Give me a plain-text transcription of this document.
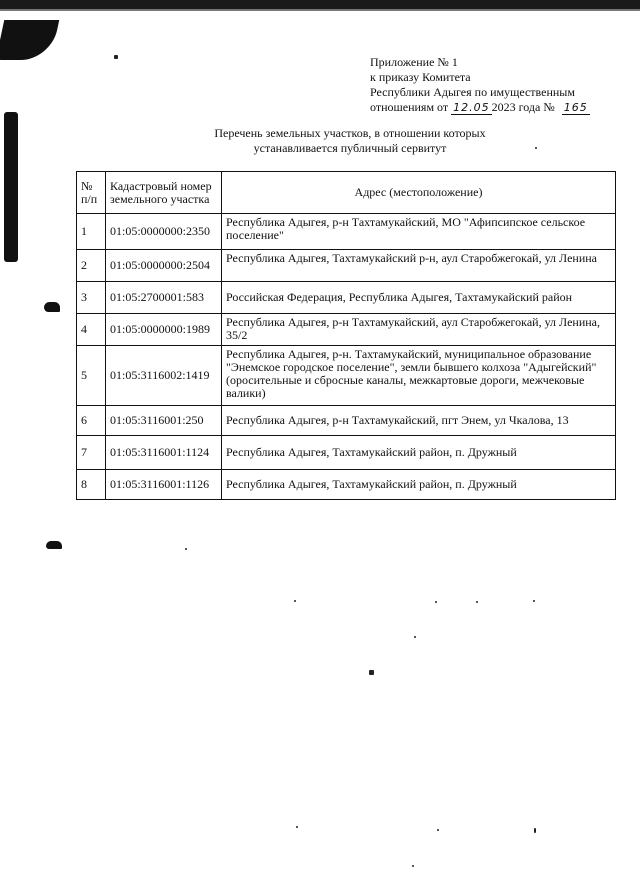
Приложение № 1
к приказу Комитета
Республики Адыгея по имущественным
отношениям от 12.05 2023 года № 165
Перечень земельных участков, в отношении которых
устанавливается публичный сервитут
№ п/п	Кадастровый номер земельного участка	Адрес (местоположение)
1	01:05:0000000:2350	Республика Адыгея, р-н Тахтамукайский, МО "Афипсипское сельское поселение"
2	01:05:0000000:2504	Республика Адыгея, Тахтамукайский р-н, аул Старобжегокай, ул Ленина
3	01:05:2700001:583	Российская Федерация, Республика Адыгея, Тахтамукайский район
4	01:05:0000000:1989	Республика Адыгея, р-н Тахтамукайский, аул Старобжегокай, ул Ленина, 35/2
5	01:05:3116002:1419	Республика Адыгея, р-н. Тахтамукайский, муниципальное образование "Энемское городское поселение", земли бывшего колхоза "Адыгейский" (оросительные и сбросные каналы, межкартовые дороги, межчековые валики)
6	01:05:3116001:250	Республика Адыгея, р-н Тахтамукайский, пгт Энем, ул Чкалова, 13
7	01:05:3116001:1124	Республика Адыгея, Тахтамукайский район, п. Дружный
8	01:05:3116001:1126	Республика Адыгея, Тахтамукайский район, п. Дружный
